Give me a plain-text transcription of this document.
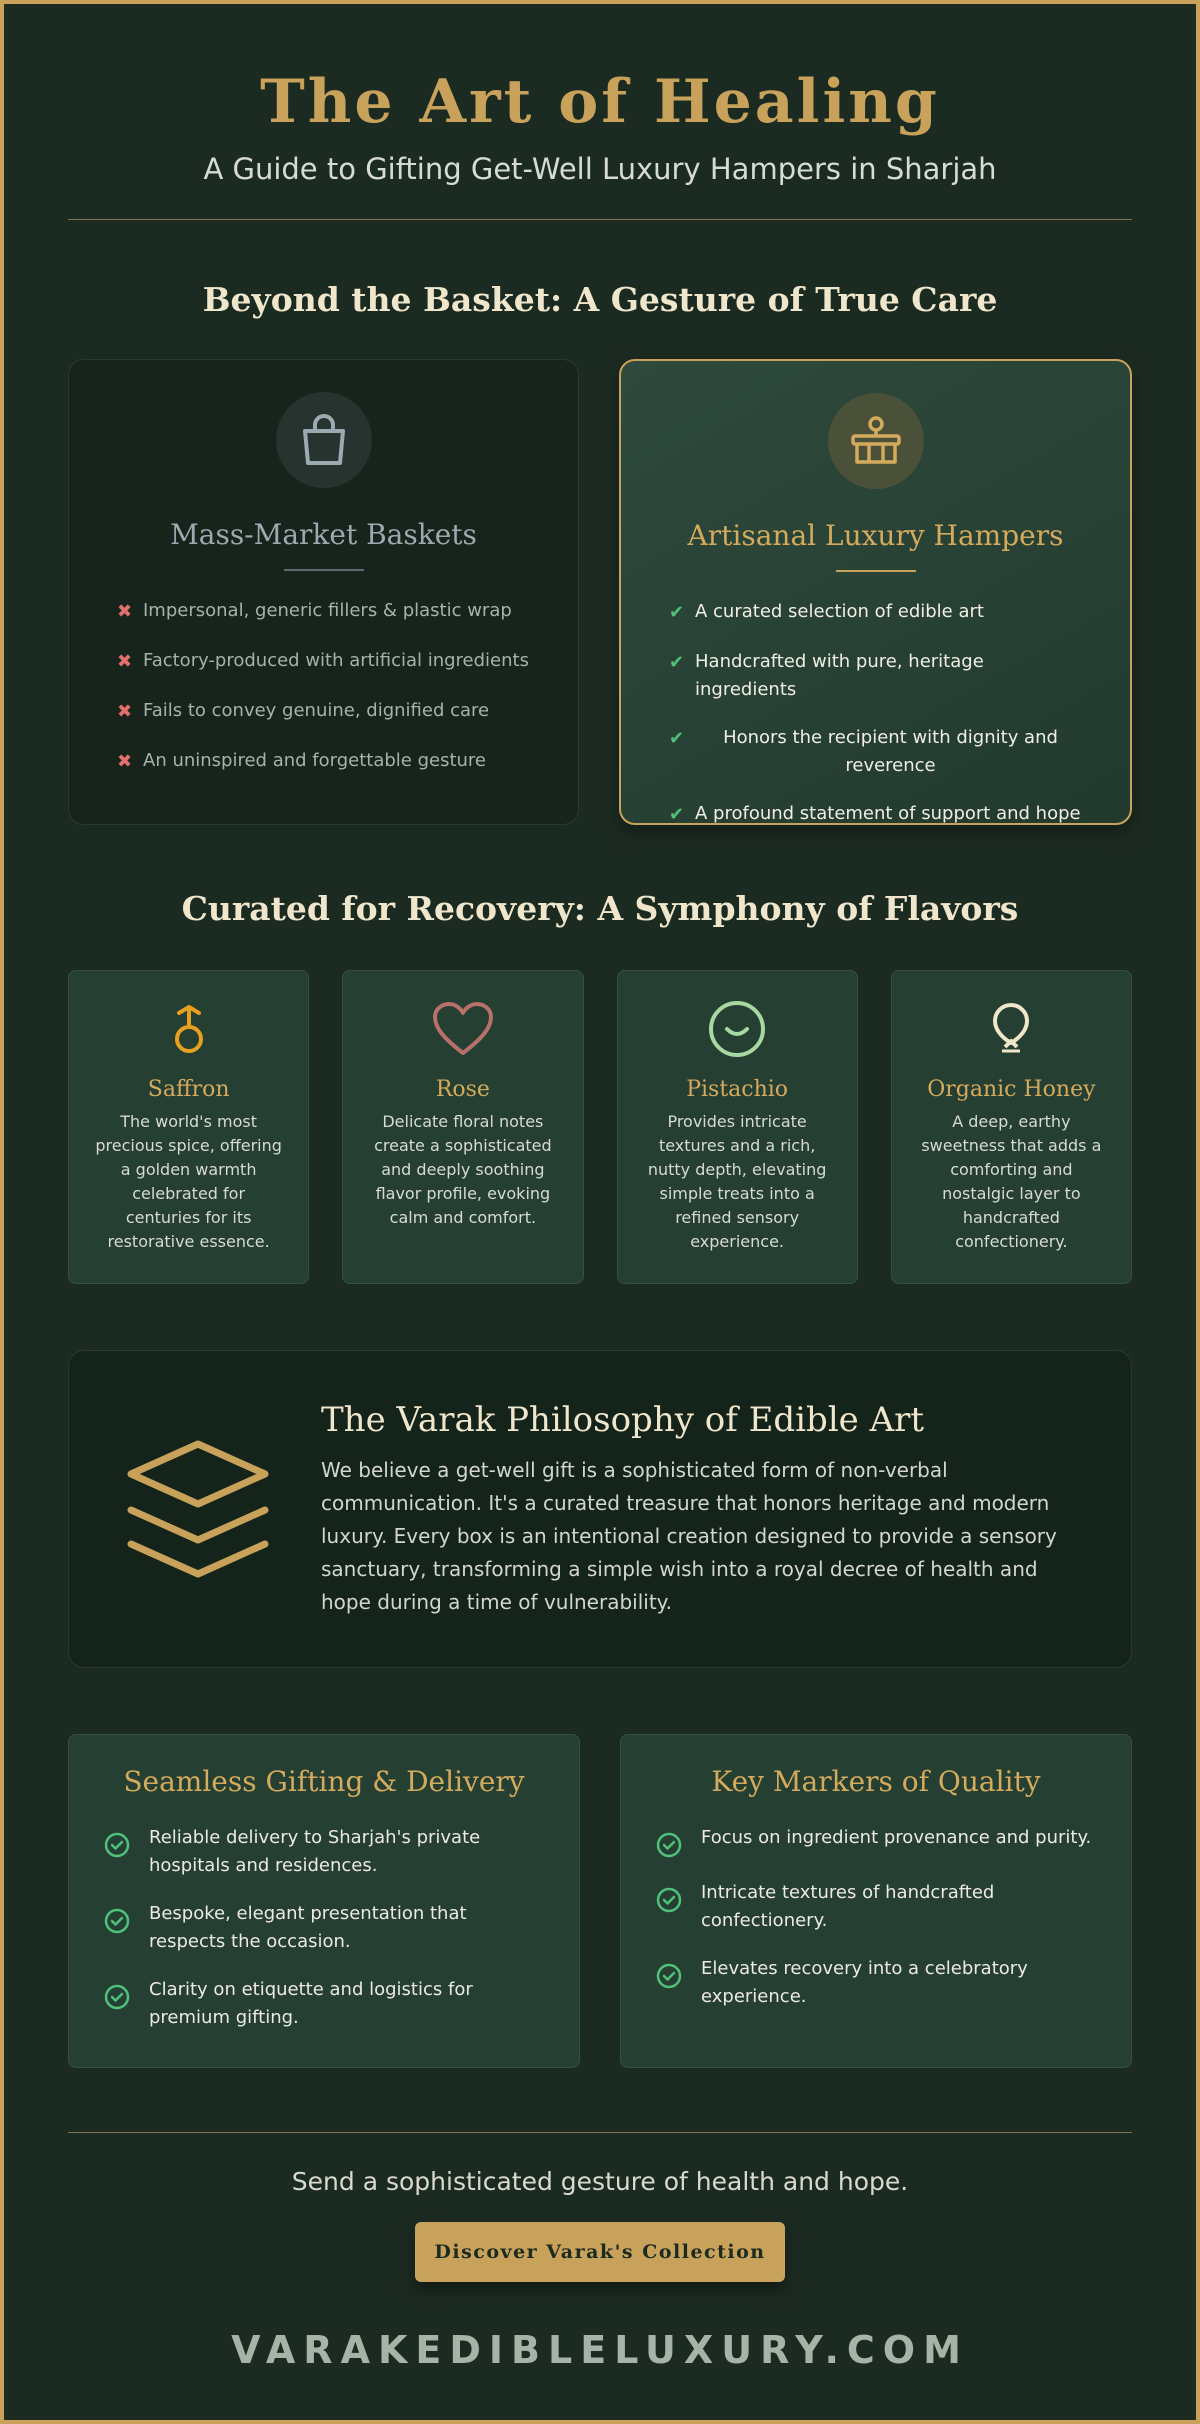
The Art of Healing
A Guide to Gifting Get-Well Luxury Hampers in Sharjah
Beyond the Basket: A Gesture of True Care
Mass-Market Baskets
✖ Impersonal, generic fillers & plastic wrap
✖ Factory-produced with artificial ingredients
✖ Fails to convey genuine, dignified care
✖ An uninspired and forgettable gesture
Artisanal Luxury Hampers
✔ A curated selection of edible art
✔ Handcrafted with pure, heritage ingredients
✔	Honors the recipient with dignity and reverence
✔ A profound statement of support and hope
Curated for Recovery: A Symphony of Flavors
Saffron
The world's most precious spice, offering a golden warmth celebrated for centuries for its restorative essence.
Rose
Delicate floral notes create a sophisticated and deeply soothing flavor profile, evoking calm and comfort.
Pistachio
Provides intricate textures and a rich, nutty depth, elevating simple treats into a refined sensory experience.
Organic Honey
A deep, earthy sweetness that adds a comforting and nostalgic layer to handcrafted confectionery.
The Varak Philosophy of Edible Art

We believe a get-well gift is a sophisticated form of non-verbal communication. It's a curated treasure that honors heritage and modern luxury. Every box is an intentional creation designed to provide a sensory sanctuary, transforming a simple wish into a royal decree of health and hope during a time of vulnerability.

Seamless Gifting & Delivery
Reliable delivery to Sharjah's private hospitals and residences.
Bespoke, elegant presentation that respects the occasion.
Clarity on etiquette and logistics for premium gifting.
Key Markers of Quality
Focus on ingredient provenance and purity.
Intricate textures of handcrafted confectionery.
Elevates recovery into a celebratory experience.
Send a sophisticated gesture of health and hope.
Discover Varak's Collection
VARAKEDIBLELUXURY.COM
